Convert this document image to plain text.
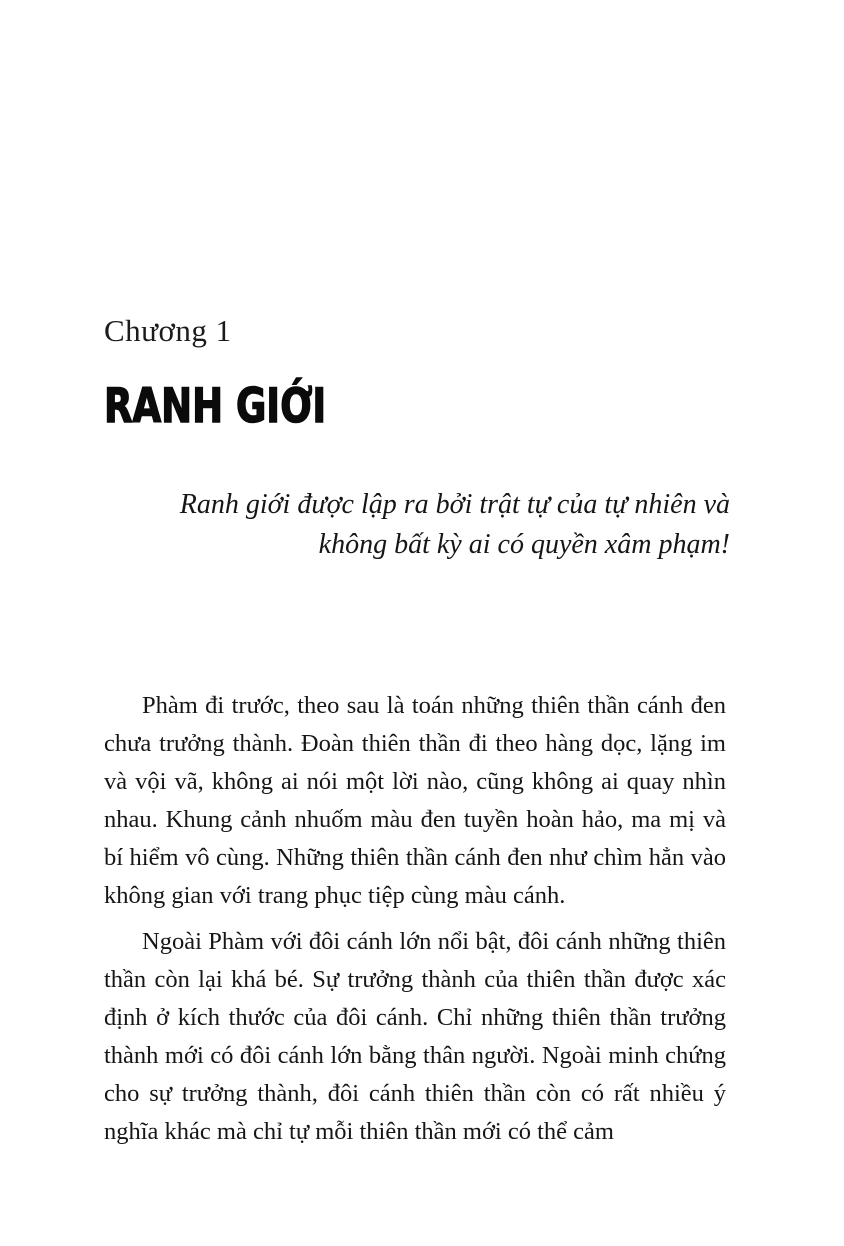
Chương 1
RANH GIỚI
Ranh giới được lập ra bởi trật tự của tự nhiên và
không bất kỳ ai có quyền xâm phạm!

Phàm đi trước, theo sau là toán những thiên thần cánh đen chưa trưởng thành. Đoàn thiên thần đi theo hàng dọc, lặng im và vội vã, không ai nói một lời nào, cũng không ai quay nhìn nhau. Khung cảnh nhuốm màu đen tuyền hoàn hảo, ma mị và bí hiểm vô cùng. Những thiên thần cánh đen như chìm hẳn vào không gian với trang phục tiệp cùng màu cánh.

Ngoài Phàm với đôi cánh lớn nổi bật, đôi cánh những thiên thần còn lại khá bé. Sự trưởng thành của thiên thần được xác định ở kích thước của đôi cánh. Chỉ những thiên thần trưởng thành mới có đôi cánh lớn bằng thân người. Ngoài minh chứng cho sự trưởng thành, đôi cánh thiên thần còn có rất nhiều ý nghĩa khác mà chỉ tự mỗi thiên thần mới có thể cảm
